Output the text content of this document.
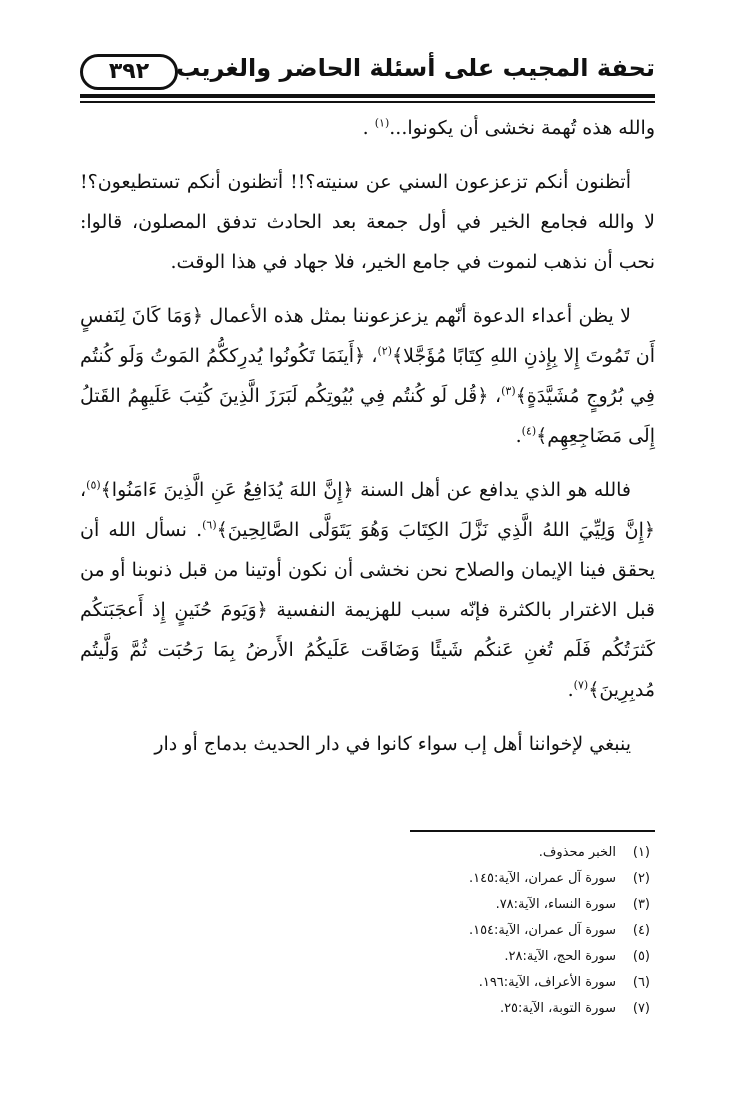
تحفة المجيب على أسئلة الحاضر والغريب
٣٩٢

والله هذه تُهمة نخشى أن يكونوا...$^{(١)}$ .

أتظنون أنكم تزعزعون السني عن سنيته؟!! أتظنون أنكم تستطيعون؟! لا والله فجامع الخير في أول جمعة بعد الحادث تدفق المصلون، قالوا: نحب أن نذهب لنموت في جامع الخير، فلا جهاد في هذا الوقت.

لا يظن أعداء الدعوة أنّهم يزعزعوننا بمثل هذه الأعمال ﴿وَمَا كَانَ لِنَفسٍ أَن تَمُوتَ إِلا بِإِذنِ اللهِ كِتَابًا مُؤَجَّلا﴾$^{(٢)}$، ﴿أَينَمَا تَكُونُوا يُدرِككُّمُ المَوتُ وَلَو كُنتُم فِي بُرُوجٍ مُشَيَّدَةٍ﴾$^{(٣)}$، ﴿قُل لَو كُنتُم فِي بُيُوتِكُم لَبَرَزَ الَّذِينَ كُتِبَ عَلَيهِمُ القَتلُ إِلَى مَضَاجِعِهِم﴾$^{(٤)}$.

فالله هو الذي يدافع عن أهل السنة ﴿إِنَّ اللهَ يُدَافِعُ عَنِ الَّذِينَ ءَامَنُوا﴾$^{(٥)}$، ﴿إِنَّ وَلِيِّيَ اللهُ الَّذِي نَزَّلَ الكِتَابَ وَهُوَ يَتَوَلَّى الصَّالِحِينَ﴾$^{(٦)}$. نسأل الله أن يحقق فينا الإيمان والصلاح نحن نخشى أن نكون أوتينا من قبل ذنوبنا أو من قبل الاغترار بالكثرة فإنّه سبب للهزيمة النفسية ﴿وَيَومَ حُنَينٍ إِذ أَعجَبَتكُم كَثرَتُكُم فَلَم تُغنِ عَنكُم شَيئًا وَضَاقَت عَلَيكُمُ الأَرضُ بِمَا رَحُبَت ثُمَّ وَلَّيتُم مُدبِرِينَ﴾$^{(٧)}$.

ينبغي لإخواننا أهل إب سواء كانوا في دار الحديث بدماج أو دار

(١)الخبر محذوف.
(٢)سورة آل عمران، الآية:١٤٥.
(٣)سورة النساء، الآية:٧٨.
(٤)سورة آل عمران، الآية:١٥٤.
(٥)سورة الحج، الآية:٢٨.
(٦)سورة الأعراف، الآية:١٩٦.
(٧)سورة التوبة، الآية:٢٥.
